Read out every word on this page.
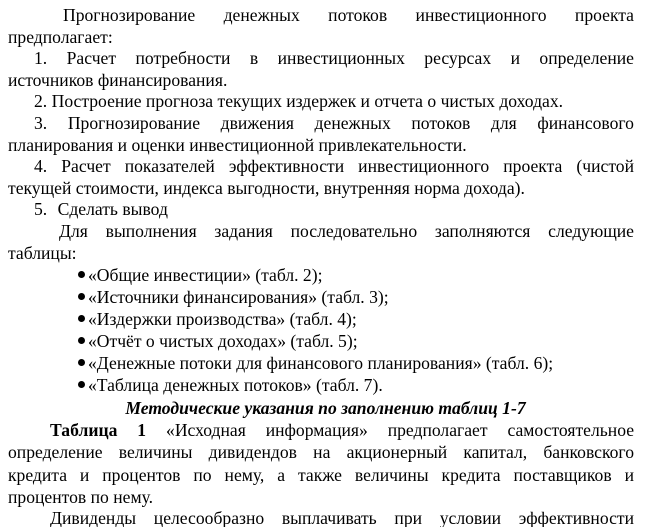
Прогнозирование денежных потоков инвестиционного проекта
предполагает:
1. Расчет потребности в инвестиционных ресурсах и определение
источников финансирования.
2. Построение прогноза текущих издержек и отчета о чистых доходах.
3. Прогнозирование движения денежных потоков для финансового
планирования и оценки инвестиционной привлекательности.
4. Расчет показателей эффективности инвестиционного проекта (чистой
текущей стоимости, индекса выгодности, внутренняя норма дохода).
5. Сделать вывод
Для выполнения задания последовательно заполняются следующие
таблицы:
«Общие инвестиции» (табл. 2);
«Источники финансирования» (табл. 3);
«Издержки производства» (табл. 4);
«Отчёт о чистых доходах» (табл. 5);
«Денежные потоки для финансового планирования» (табл. 6);
«Таблица денежных потоков» (табл. 7).
Методические указания по заполнению таблиц 1-7
Таблица 1 «Исходная информация» предполагает самостоятельное
определение величины дивидендов на акционерный капитал, банковского
кредита и процентов по нему, а также величины кредита поставщиков и
процентов по нему.
Дивиденды целесообразно выплачивать при условии эффективности
